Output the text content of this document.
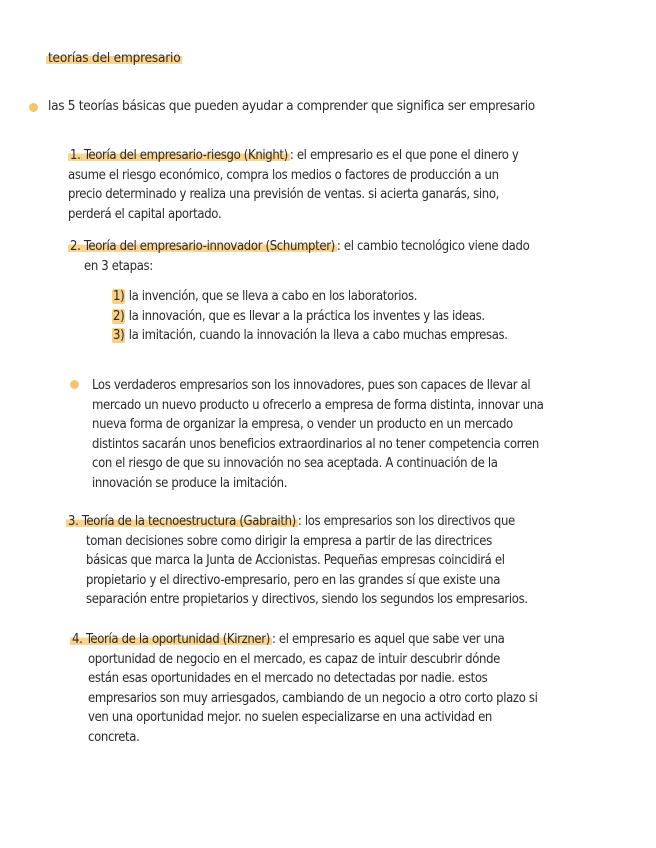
teorías del empresario
las 5 teorías básicas que pueden ayudar a comprender que significa ser empresario

1. Teoría del empresario-riesgo (Knight) : el empresario es el que pone el dinero y

asume el riesgo económico, compra los medios o factores de producción a un

precio determinado y realiza una previsión de ventas. si acierta ganarás, sino,

perderá el capital aportado.

2. Teoría del empresario-innovador (Schumpter) : el cambio tecnológico viene dado

en 3 etapas:

1) la invención, que se lleva a cabo en los laboratorios.
2) la innovación, que es llevar a la práctica los inventes y las ideas.
3) la imitación, cuando la innovación la lleva a cabo muchas empresas.

Los verdaderos empresarios son los innovadores, pues son capaces de llevar al

mercado un nuevo producto u ofrecerlo a empresa de forma distinta, innovar una

nueva forma de organizar la empresa, o vender un producto en un mercado

distintos sacarán unos beneficios extraordinarios al no tener competencia corren

con el riesgo de que su innovación no sea aceptada. A continuación de la

innovación se produce la imitación.

3. Teoría de la tecnoestructura (Gabraith) : los empresarios son los directivos que

toman decisiones sobre como dirigir la empresa a partir de las directrices

básicas que marca la Junta de Accionistas. Pequeñas empresas coincidirá el

propietario y el directivo-empresario, pero en las grandes sí que existe una

separación entre propietarios y directivos, siendo los segundos los empresarios.

4. Teoría de la oportunidad (Kirzner) : el empresario es aquel que sabe ver una

oportunidad de negocio en el mercado, es capaz de intuir descubrir dónde

están esas oportunidades en el mercado no detectadas por nadie. estos

empresarios son muy arriesgados, cambiando de un negocio a otro corto plazo si

ven una oportunidad mejor. no suelen especializarse en una actividad en

concreta.
